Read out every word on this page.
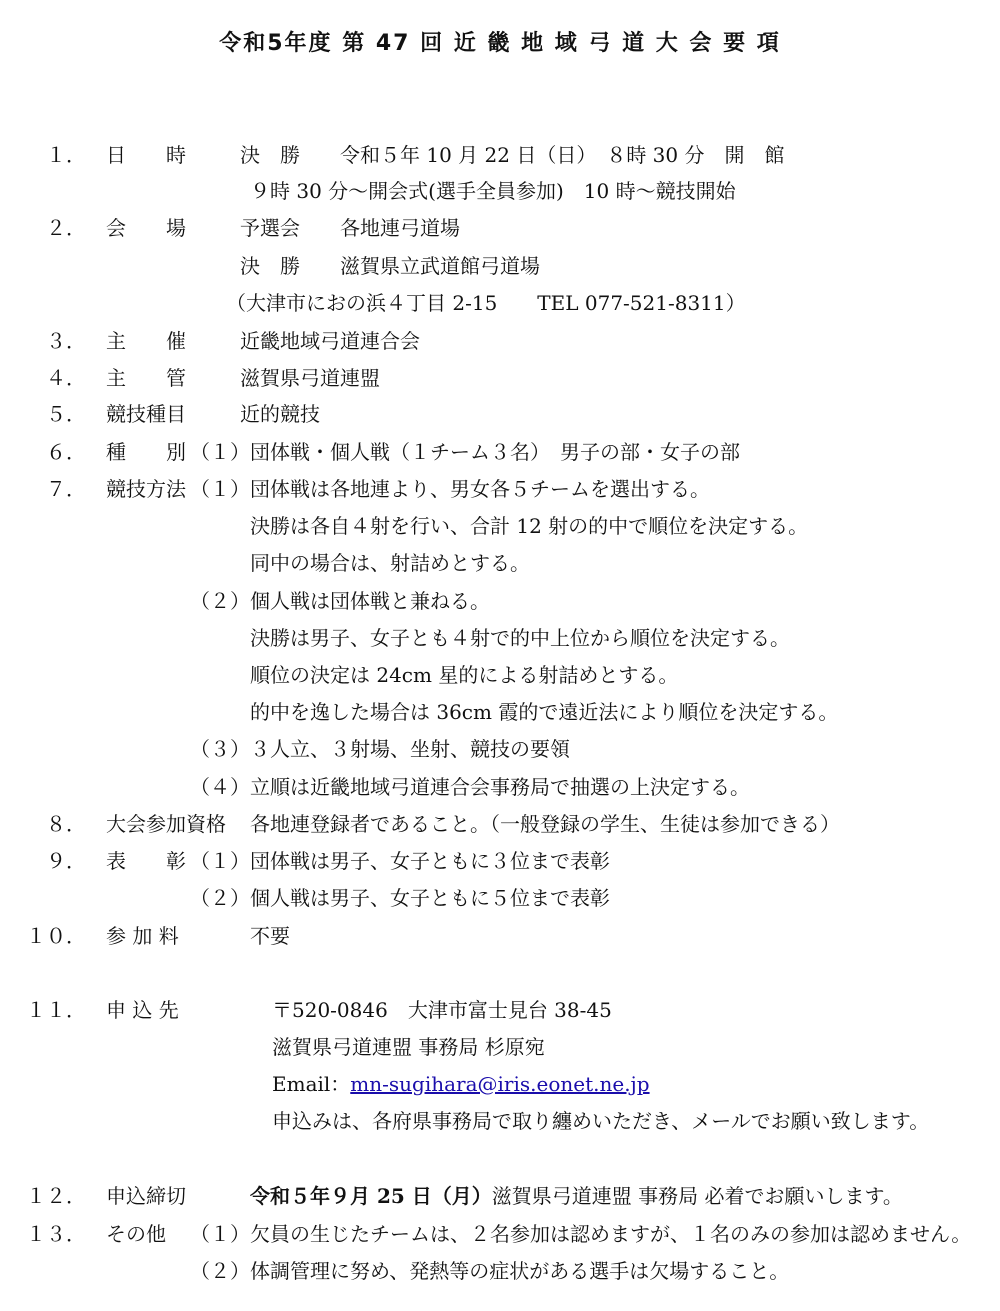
令和5年度 第 47 回 近 畿 地 域 弓 道 大 会 要 項
１． 日　　時	決　勝　　令和５年 10 月 22 日（日）　８時 30 分　開　館
９時 30 分～開会式(選手全員参加)　10 時～競技開始
２． 会　　場	予選会　　各地連弓道場
決　勝　　滋賀県立武道館弓道場
（大津市におの浜４丁目 2-15　　TEL 077-521-8311）
３． 主　　催	近畿地域弓道連合会
４． 主　　管	滋賀県弓道連盟
５． 競技種目	近的競技
６． 種　　別 （１）団体戦・個人戦（１チーム３名）　男子の部・女子の部
７． 競技方法 （１）団体戦は各地連より、男女各５チームを選出する。
決勝は各自４射を行い、合計 12 射の的中で順位を決定する。
同中の場合は、射詰めとする。
（２）個人戦は団体戦と兼ねる。
決勝は男子、女子とも４射で的中上位から順位を決定する。
順位の決定は 24cm 星的による射詰めとする。
的中を逸した場合は 36cm 霞的で遠近法により順位を決定する。
（３）３人立、３射場、坐射、競技の要領
（４）立順は近畿地域弓道連合会事務局で抽選の上決定する。
８． 大会参加資格 各地連登録者であること。（一般登録の学生、生徒は参加できる）
９． 表　　彰 （１）団体戦は男子、女子ともに３位まで表彰
（２）個人戦は男子、女子ともに５位まで表彰
１０． 参 加 料	不要
１１． 申 込 先	〒520-0846　大津市富士見台 38-45
滋賀県弓道連盟 事務局 杉原宛
Email：mn-sugihara@iris.eonet.ne.jp
申込みは、各府県事務局で取り纏めいただき、メールでお願い致します。
１２． 申込締切	令和５年９月 25 日（月）滋賀県弓道連盟 事務局 必着でお願いします。
１３． その他 （１）欠員の生じたチームは、２名参加は認めますが、１名のみの参加は認めません。
（２）体調管理に努め、発熱等の症状がある選手は欠場すること。
